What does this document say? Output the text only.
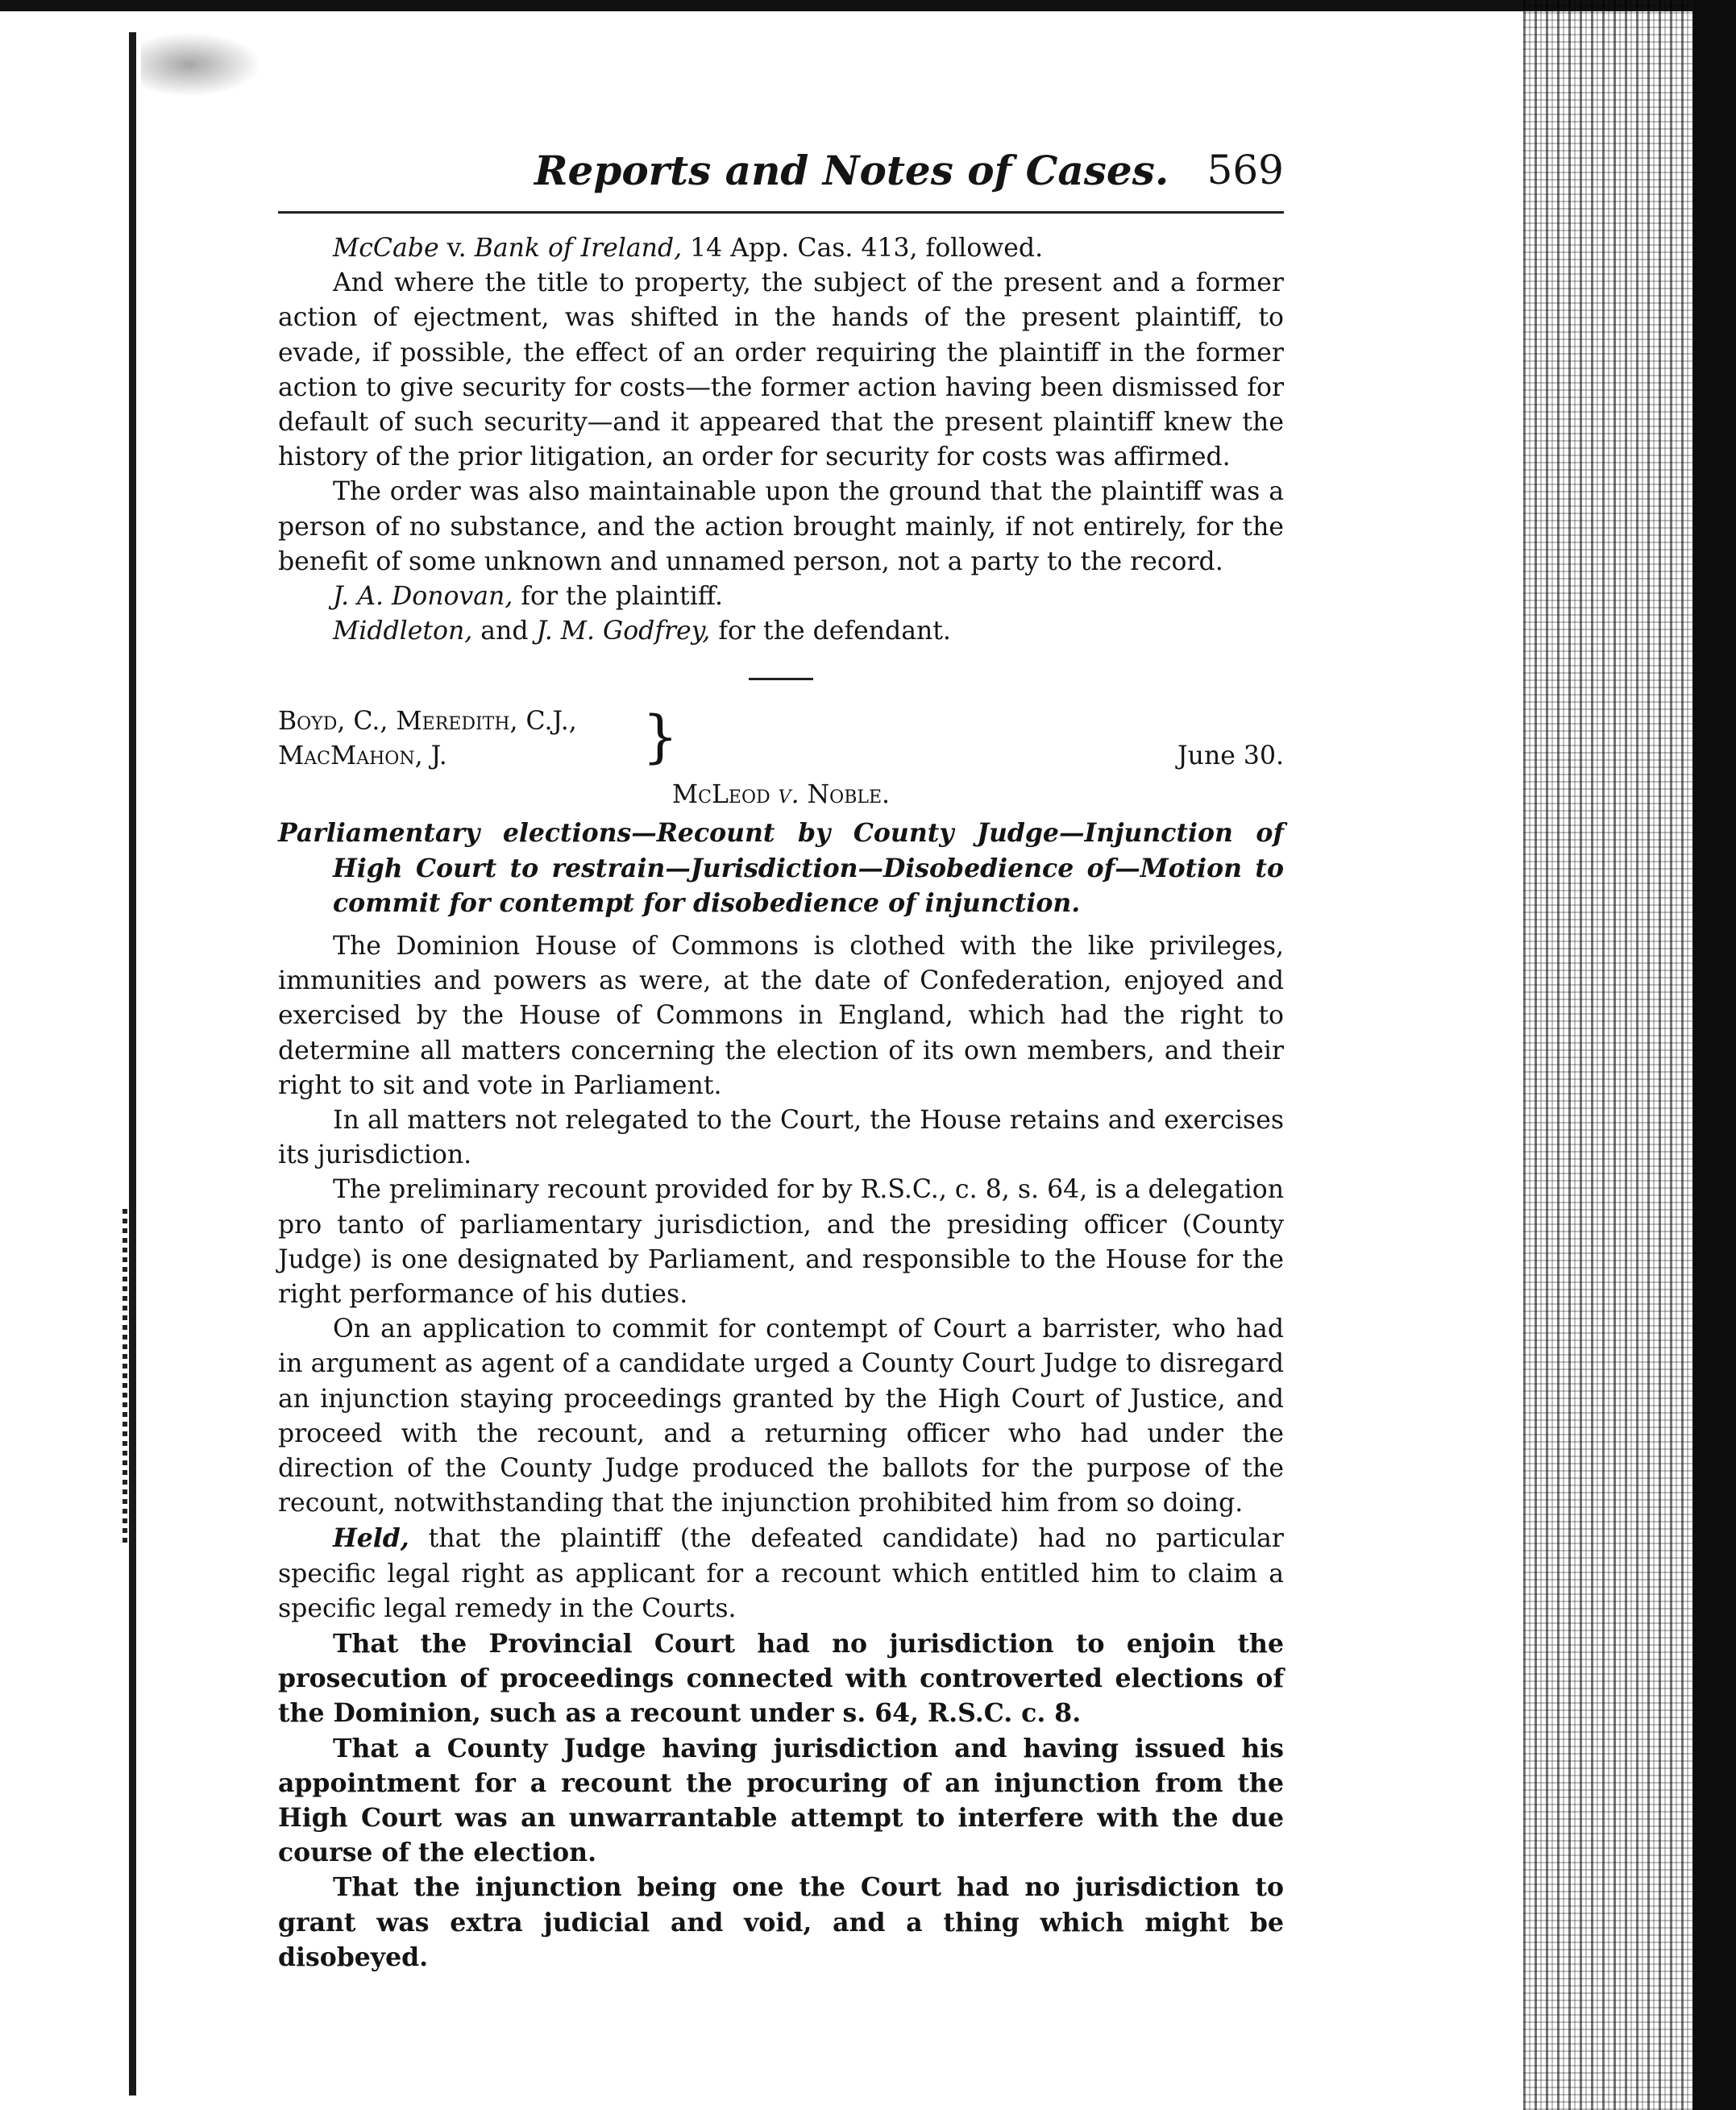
Reports and Notes of Cases. 569

McCabe v. Bank of Ireland, 14 App. Cas. 413, followed.

And where the title to property, the subject of the present and a former action of ejectment, was shifted in the hands of the present plaintiff, to evade, if possible, the effect of an order requiring the plaintiff in the former action to give security for costs—the former action having been dismissed for default of such security—and it appeared that the present plaintiff knew the history of the prior litigation, an order for security for costs was affirmed.

The order was also maintainable upon the ground that the plaintiff was a person of no substance, and the action brought mainly, if not entirely, for the benefit of some unknown and unnamed person, not a party to the record.

J. A. Donovan, for the plaintiff.

Middleton, and J. M. Godfrey, for the defendant.

Boyd, C., Meredith, C.J.,
MacMahon, J.	}	June 30.
McLeod v. Noble.

Parliamentary elections—Recount by County Judge—Injunction of High Court to restrain—Jurisdiction—Disobedience of—Motion to commit for contempt for disobedience of injunction.

The Dominion House of Commons is clothed with the like privileges, immunities and powers as were, at the date of Confederation, enjoyed and exercised by the House of Commons in England, which had the right to determine all matters concerning the election of its own members, and their right to sit and vote in Parliament.

In all matters not relegated to the Court, the House retains and exercises its jurisdiction.

The preliminary recount provided for by R.S.C., c. 8, s. 64, is a delegation pro tanto of parliamentary jurisdiction, and the presiding officer (County Judge) is one designated by Parliament, and responsible to the House for the right performance of his duties.

On an application to commit for contempt of Court a barrister, who had in argument as agent of a candidate urged a County Court Judge to disregard an injunction staying proceedings granted by the High Court of Justice, and proceed with the recount, and a returning officer who had under the direction of the County Judge produced the ballots for the purpose of the recount, notwithstanding that the injunction prohibited him from so doing.

Held, that the plaintiff (the defeated candidate) had no particular specific legal right as applicant for a recount which entitled him to claim a specific legal remedy in the Courts.

That the Provincial Court had no jurisdiction to enjoin the prosecution of proceedings connected with controverted elections of the Dominion, such as a recount under s. 64, R.S.C. c. 8.

That a County Judge having jurisdiction and having issued his appointment for a recount the procuring of an injunction from the High Court was an unwarrantable attempt to interfere with the due course of the election.

That the injunction being one the Court had no jurisdiction to grant was extra judicial and void, and a thing which might be disobeyed.
